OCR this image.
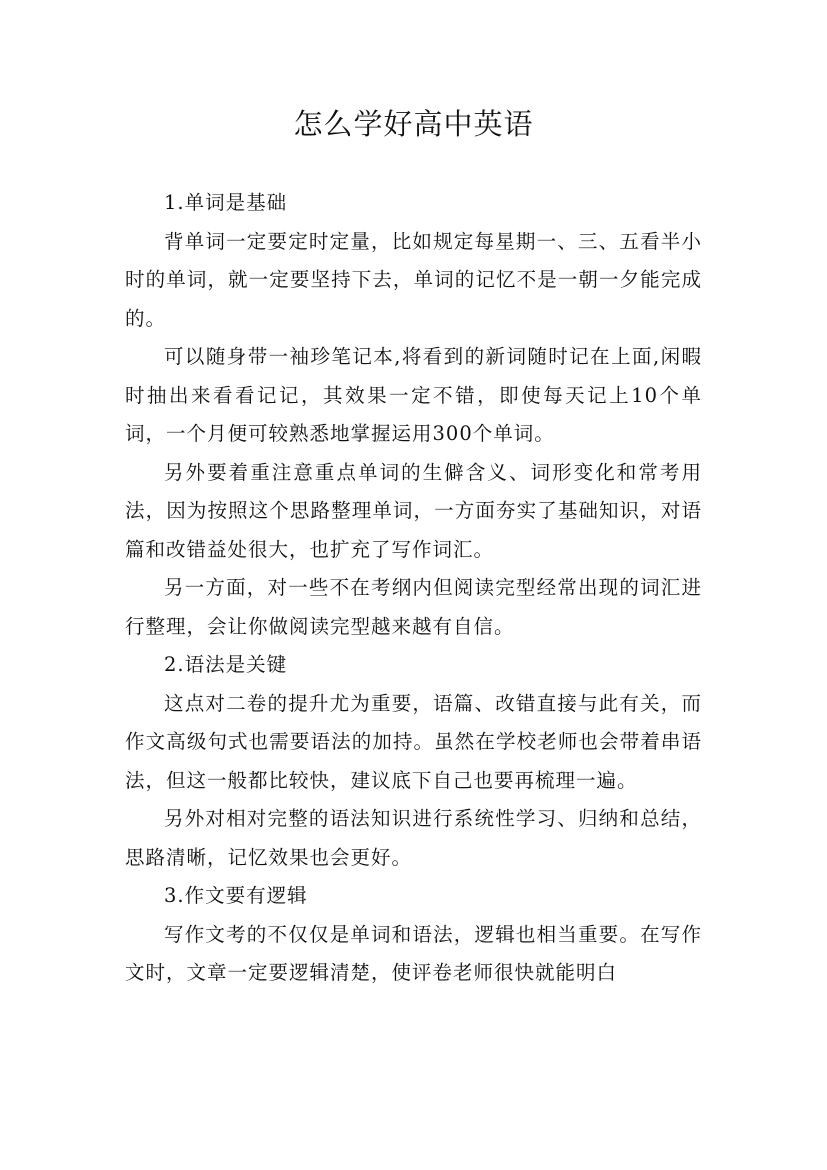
怎么学好高中英语

1.单词是基础

背单词一定要定时定量，比如规定每星期一、三、五看半小时的单词，就一定要坚持下去，单词的记忆不是一朝一夕能完成的。

可以随身带一袖珍笔记本,将看到的新词随时记在上面,闲暇时抽出来看看记记，其效果一定不错，即使每天记上10个单词，一个月便可较熟悉地掌握运用300个单词。

另外要着重注意重点单词的生僻含义、词形变化和常考用法，因为按照这个思路整理单词，一方面夯实了基础知识，对语篇和改错益处很大，也扩充了写作词汇。

另一方面，对一些不在考纲内但阅读完型经常出现的词汇进行整理，会让你做阅读完型越来越有自信。

2.语法是关键

这点对二卷的提升尤为重要，语篇、改错直接与此有关，而作文高级句式也需要语法的加持。虽然在学校老师也会带着串语法，但这一般都比较快，建议底下自己也要再梳理一遍。

另外对相对完整的语法知识进行系统性学习、归纳和总结，思路清晰，记忆效果也会更好。

3.作文要有逻辑

写作文考的不仅仅是单词和语法，逻辑也相当重要。在写作文时，文章一定要逻辑清楚，使评卷老师很快就能明白
